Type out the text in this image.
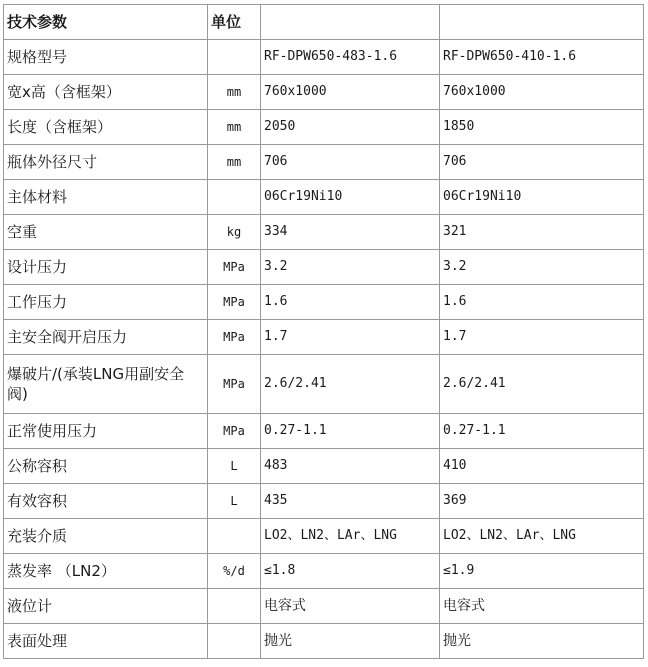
技术参数	单位		
规格型号		RF-DPW650-483-1.6	RF-DPW650-410-1.6
宽x高（含框架）	mm	760x1000	760x1000
长度（含框架）	mm	2050	1850
瓶体外径尺寸	mm	706	706
主体材料		06Cr19Ni10	06Cr19Ni10
空重	kg	334	321
设计压力	MPa	3.2	3.2
工作压力	MPa	1.6	1.6
主安全阀开启压力	MPa	1.7	1.7
爆破片/(承装LNG用副安全阀)	MPa	2.6/2.41	2.6/2.41
正常使用压力	MPa	0.27-1.1	0.27-1.1
公称容积	L	483	410
有效容积	L	435	369
充装介质		LO2、LN2、LAr、LNG	LO2、LN2、LAr、LNG
蒸发率 （LN2）	%/d	≤1.8	≤1.9
液位计		电容式	电容式
表面处理		抛光	抛光
